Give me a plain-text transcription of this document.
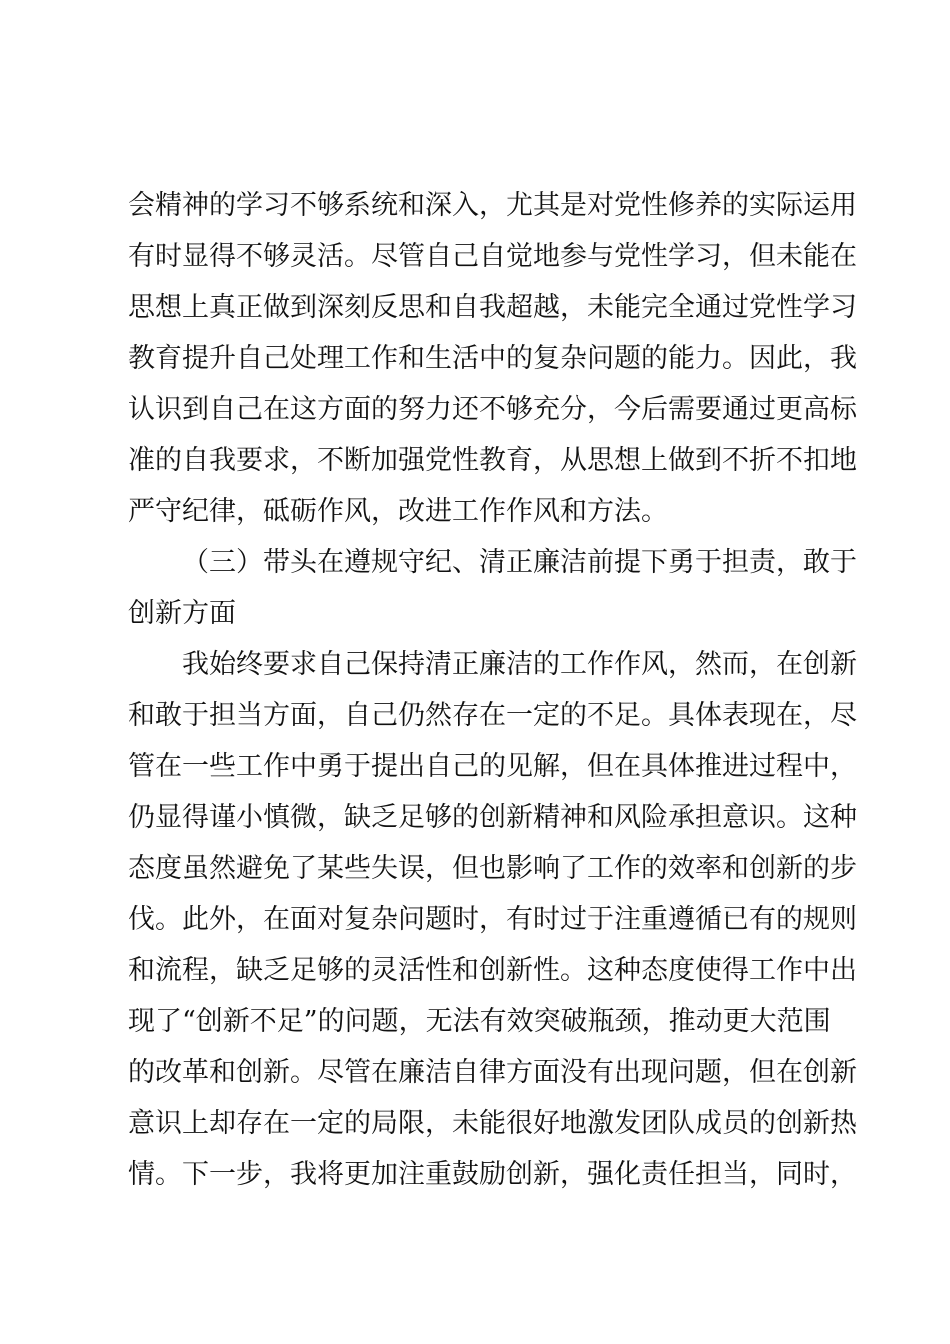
会精神的学习不够系统和深入，尤其是对党性修养的实际运用
有时显得不够灵活。尽管自己自觉地参与党性学习，但未能在
思想上真正做到深刻反思和自我超越，未能完全通过党性学习
教育提升自己处理工作和生活中的复杂问题的能力。因此，我
认识到自己在这方面的努力还不够充分，今后需要通过更高标
准的自我要求，不断加强党性教育，从思想上做到不折不扣地
严守纪律，砥砺作风，改进工作作风和方法。
（三）带头在遵规守纪、清正廉洁前提下勇于担责，敢于
创新方面
我始终要求自己保持清正廉洁的工作作风，然而，在创新
和敢于担当方面，自己仍然存在一定的不足。具体表现在，尽
管在一些工作中勇于提出自己的见解，但在具体推进过程中，
仍显得谨小慎微，缺乏足够的创新精神和风险承担意识。这种
态度虽然避免了某些失误，但也影响了工作的效率和创新的步
伐。此外，在面对复杂问题时，有时过于注重遵循已有的规则
和流程，缺乏足够的灵活性和创新性。这种态度使得工作中出
现了“创新不足”的问题，无法有效突破瓶颈，推动更大范围
的改革和创新。尽管在廉洁自律方面没有出现问题，但在创新
意识上却存在一定的局限，未能很好地激发团队成员的创新热
情。下一步，我将更加注重鼓励创新，强化责任担当，同时，
